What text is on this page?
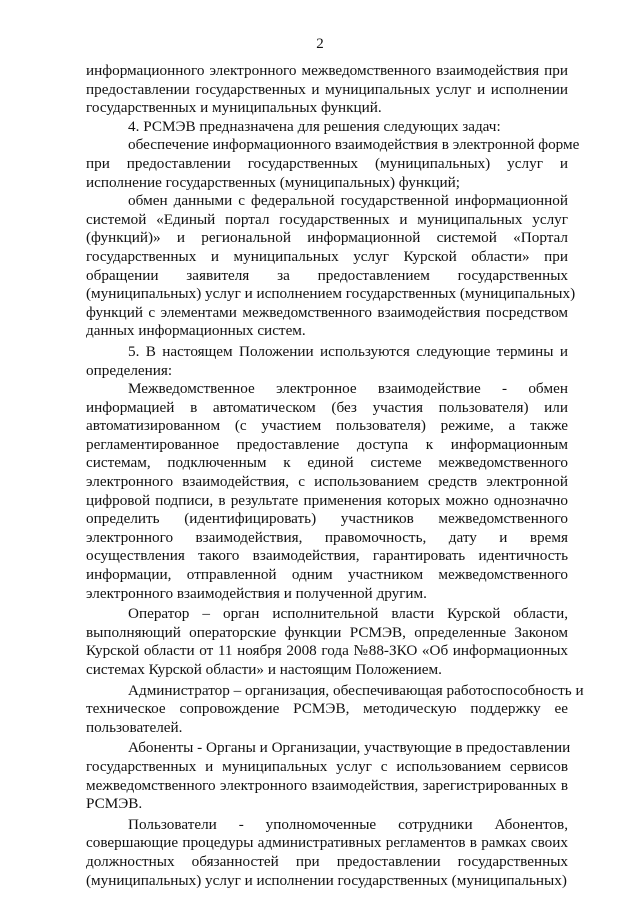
2
информационного электронного межведомственного взаимодействия при
предоставлении государственных и муниципальных услуг и исполнении
государственных и муниципальных функций.
4. РСМЭВ предназначена для решения следующих задач:
обеспечение информационного взаимодействия в электронной форме
при предоставлении государственных (муниципальных) услуг и
исполнение государственных (муниципальных) функций;
обмен данными с федеральной государственной информационной
системой «Единый портал государственных и муниципальных услуг
(функций)» и региональной информационной системой «Портал
государственных и муниципальных услуг Курской области» при
обращении заявителя за предоставлением государственных
(муниципальных) услуг и исполнением государственных (муниципальных)
функций с элементами межведомственного взаимодействия посредством
данных информационных систем.
5. В настоящем Положении используются следующие термины и
определения:
Межведомственное электронное взаимодействие - обмен
информацией в автоматическом (без участия пользователя) или
автоматизированном (с участием пользователя) режиме, а также
регламентированное предоставление доступа к информационным
системам, подключенным к единой системе межведомственного
электронного взаимодействия, с использованием средств электронной
цифровой подписи, в результате применения которых можно однозначно
определить (идентифицировать) участников межведомственного
электронного взаимодействия, правомочность, дату и время
осуществления такого взаимодействия, гарантировать идентичность
информации, отправленной одним участником межведомственного
электронного взаимодействия и полученной другим.
Оператор – орган исполнительной власти Курской области,
выполняющий операторские функции РСМЭВ, определенные Законом
Курской области от 11 ноября 2008 года №88-ЗКО «Об информационных
системах Курской области» и настоящим Положением.
Администратор – организация, обеспечивающая работоспособность и
техническое сопровождение РСМЭВ, методическую поддержку ее
пользователей.
Абоненты - Органы и Организации, участвующие в предоставлении
государственных и муниципальных услуг с использованием сервисов
межведомственного электронного взаимодействия, зарегистрированных в
РСМЭВ.
Пользователи - уполномоченные сотрудники Абонентов,
совершающие процедуры административных регламентов в рамках своих
должностных обязанностей при предоставлении государственных
(муниципальных) услуг и исполнении государственных (муниципальных)
